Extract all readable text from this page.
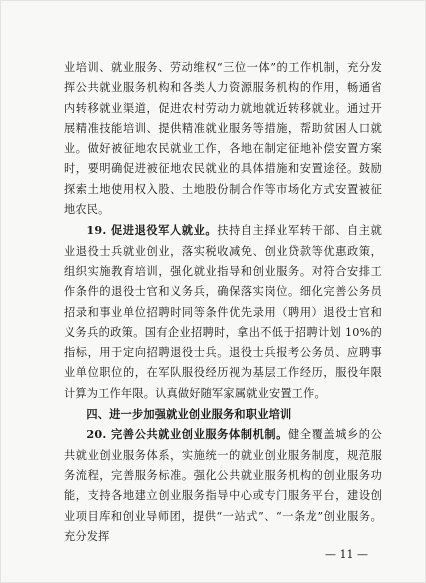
业培训、就业服务、劳动维权“三位一体”的工作机制，充分发挥公共就业服务机构和各类人力资源服务机构的作用，畅通省内转移就业渠道，促进农村劳动力就地就近转移就业。通过开展精准技能培训、提供精准就业服务等措施，帮助贫困人口就业。做好被征地农民就业工作，各地在制定征地补偿安置方案时，要明确促进被征地农民就业的具体措施和安置途径。鼓励探索土地使用权入股、土地股份制合作等市场化方式安置被征地农民。

19. 促进退役军人就业。扶持自主择业军转干部、自主就业退役士兵就业创业，落实税收减免、创业贷款等优惠政策，组织实施教育培训，强化就业指导和创业服务。对符合安排工作条件的退役士官和义务兵，确保落实岗位。细化完善公务员招录和事业单位招聘时同等条件优先录用（聘用）退役士官和义务兵的政策。国有企业招聘时，拿出不低于招聘计划 10%的指标，用于定向招聘退役士兵。退役士兵报考公务员、应聘事业单位职位的，在军队服役经历视为基层工作经历，服役年限计算为工作年限。认真做好随军家属就业安置工作。

四、进一步加强就业创业服务和职业培训

20. 完善公共就业创业服务体制机制。健全覆盖城乡的公共就业创业服务体系，实施统一的就业创业服务制度，规范服务流程，完善服务标准。强化公共就业服务机构的创业服务功能，支持各地建立创业服务指导中心或专门服务平台，建设创业项目库和创业导师团，提供“一站式”、“一条龙”创业服务。充分发挥

— 11 —
